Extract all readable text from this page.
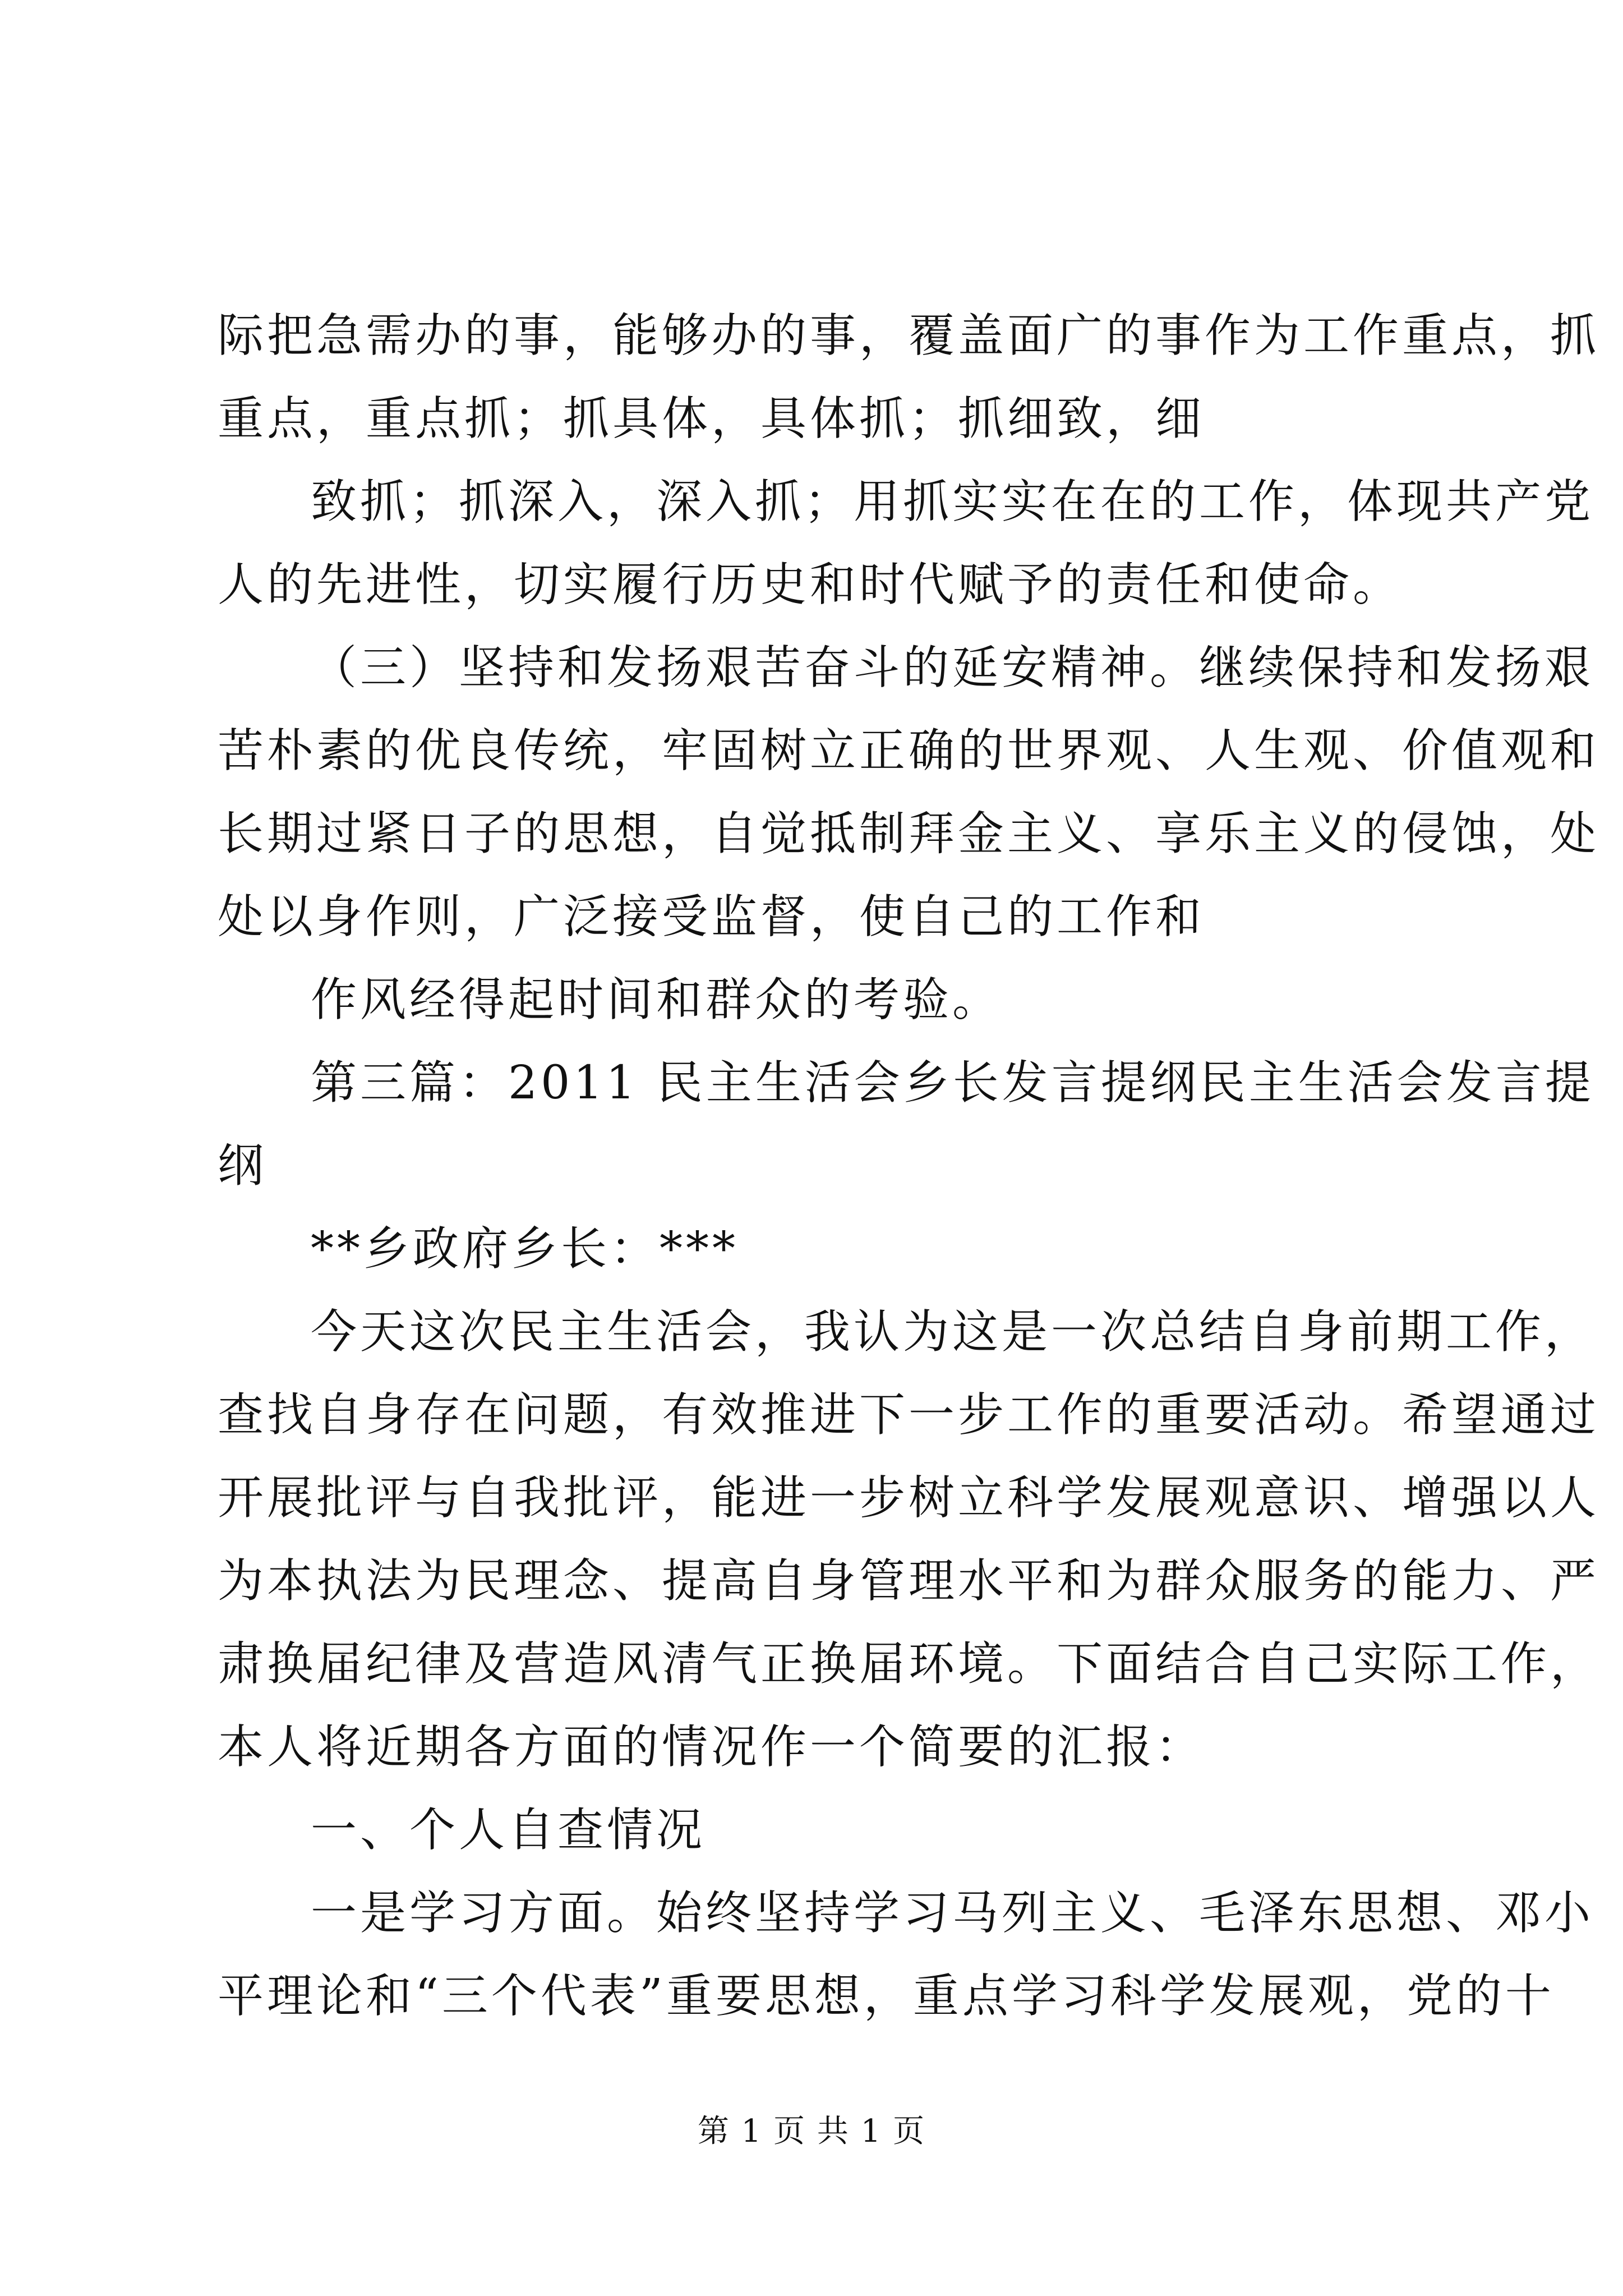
际把急需办的事，能够办的事，覆盖面广的事作为工作重点，抓
重点，重点抓；抓具体，具体抓；抓细致，细
致抓；抓深入，深入抓；用抓实实在在的工作，体现共产党
人的先进性，切实履行历史和时代赋予的责任和使命。
（三）坚持和发扬艰苦奋斗的延安精神。继续保持和发扬艰
苦朴素的优良传统，牢固树立正确的世界观、人生观、价值观和
长期过紧日子的思想，自觉抵制拜金主义、享乐主义的侵蚀，处
处以身作则，广泛接受监督，使自己的工作和
作风经得起时间和群众的考验。
第三篇：2011 民主生活会乡长发言提纲民主生活会发言提
纲
**乡政府乡长：***
今天这次民主生活会，我认为这是一次总结自身前期工作，
查找自身存在问题，有效推进下一步工作的重要活动。希望通过
开展批评与自我批评，能进一步树立科学发展观意识、增强以人
为本执法为民理念、提高自身管理水平和为群众服务的能力、严
肃换届纪律及营造风清气正换届环境。下面结合自己实际工作，
本人将近期各方面的情况作一个简要的汇报：
一、个人自查情况
一是学习方面。始终坚持学习马列主义、毛泽东思想、邓小
平理论和“三个代表”重要思想，重点学习科学发展观，党的十
第 1 页 共 1 页
